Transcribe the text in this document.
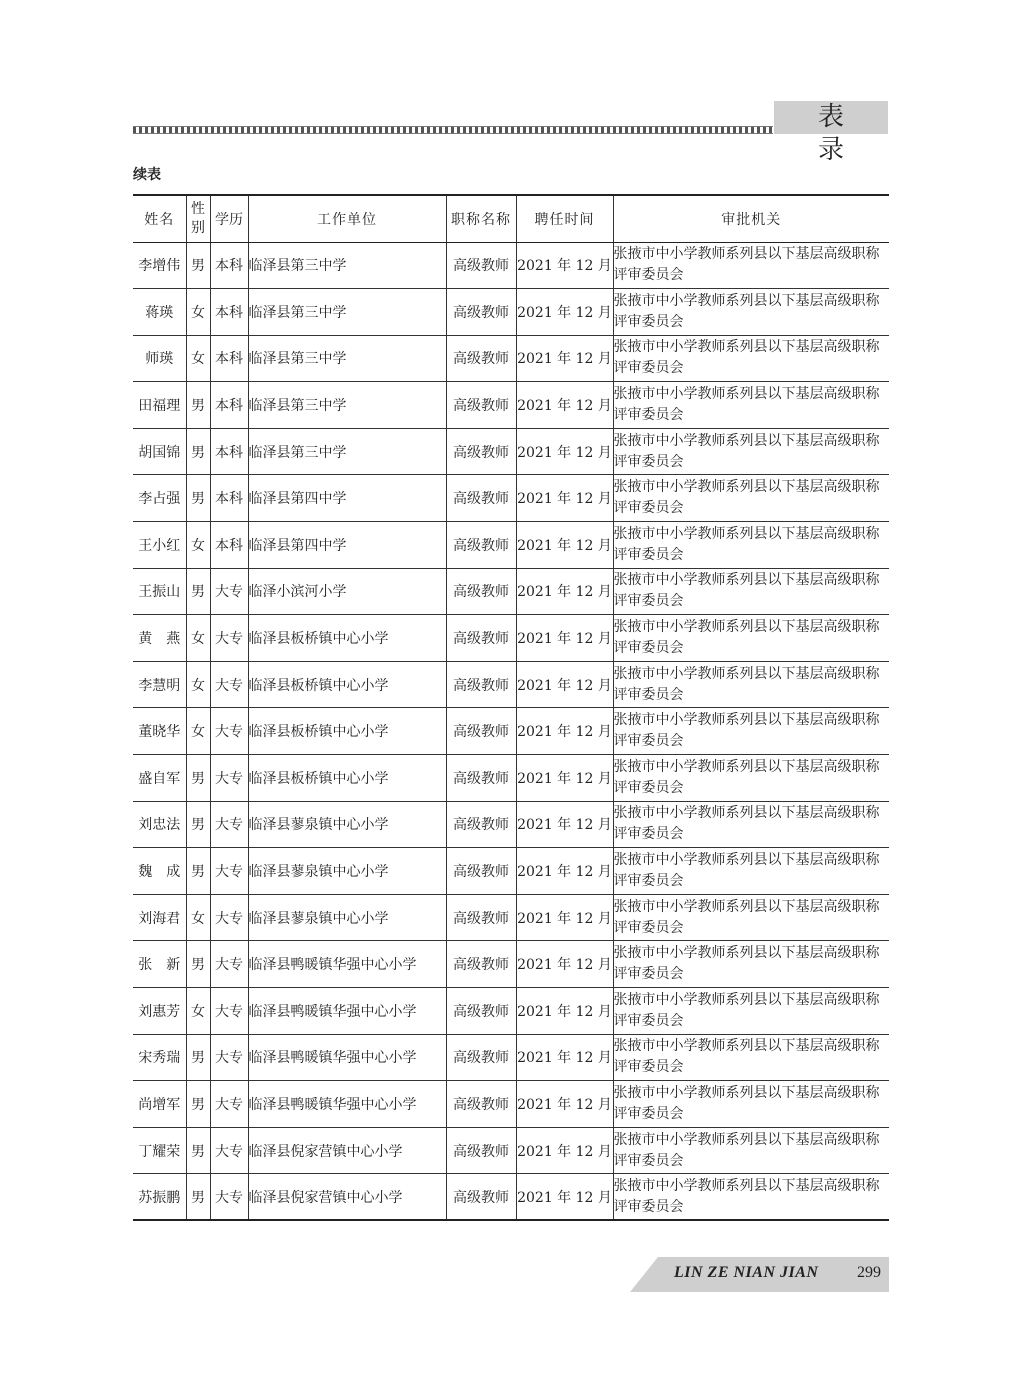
表录
续表
姓名	性别	学历	工作单位	职称名称	聘任时间	审批机关
李增伟	男	本科	临泽县第三中学	高级教师	2021 年 12 月	张掖市中小学教师系列县以下基层高级职称评审委员会
蒋瑛	女	本科	临泽县第三中学	高级教师	2021 年 12 月	张掖市中小学教师系列县以下基层高级职称评审委员会
师瑛	女	本科	临泽县第三中学	高级教师	2021 年 12 月	张掖市中小学教师系列县以下基层高级职称评审委员会
田福理	男	本科	临泽县第三中学	高级教师	2021 年 12 月	张掖市中小学教师系列县以下基层高级职称评审委员会
胡国锦	男	本科	临泽县第三中学	高级教师	2021 年 12 月	张掖市中小学教师系列县以下基层高级职称评审委员会
李占强	男	本科	临泽县第四中学	高级教师	2021 年 12 月	张掖市中小学教师系列县以下基层高级职称评审委员会
王小红	女	本科	临泽县第四中学	高级教师	2021 年 12 月	张掖市中小学教师系列县以下基层高级职称评审委员会
王振山	男	大专	临泽小滨河小学	高级教师	2021 年 12 月	张掖市中小学教师系列县以下基层高级职称评审委员会
黄　燕	女	大专	临泽县板桥镇中心小学	高级教师	2021 年 12 月	张掖市中小学教师系列县以下基层高级职称评审委员会
李慧明	女	大专	临泽县板桥镇中心小学	高级教师	2021 年 12 月	张掖市中小学教师系列县以下基层高级职称评审委员会
董晓华	女	大专	临泽县板桥镇中心小学	高级教师	2021 年 12 月	张掖市中小学教师系列县以下基层高级职称评审委员会
盛自军	男	大专	临泽县板桥镇中心小学	高级教师	2021 年 12 月	张掖市中小学教师系列县以下基层高级职称评审委员会
刘忠法	男	大专	临泽县蓼泉镇中心小学	高级教师	2021 年 12 月	张掖市中小学教师系列县以下基层高级职称评审委员会
魏　成	男	大专	临泽县蓼泉镇中心小学	高级教师	2021 年 12 月	张掖市中小学教师系列县以下基层高级职称评审委员会
刘海君	女	大专	临泽县蓼泉镇中心小学	高级教师	2021 年 12 月	张掖市中小学教师系列县以下基层高级职称评审委员会
张　新	男	大专	临泽县鸭暖镇华强中心小学	高级教师	2021 年 12 月	张掖市中小学教师系列县以下基层高级职称评审委员会
刘惠芳	女	大专	临泽县鸭暖镇华强中心小学	高级教师	2021 年 12 月	张掖市中小学教师系列县以下基层高级职称评审委员会
宋秀瑞	男	大专	临泽县鸭暖镇华强中心小学	高级教师	2021 年 12 月	张掖市中小学教师系列县以下基层高级职称评审委员会
尚增军	男	大专	临泽县鸭暖镇华强中心小学	高级教师	2021 年 12 月	张掖市中小学教师系列县以下基层高级职称评审委员会
丁耀荣	男	大专	临泽县倪家营镇中心小学	高级教师	2021 年 12 月	张掖市中小学教师系列县以下基层高级职称评审委员会
苏振鹏	男	大专	临泽县倪家营镇中心小学	高级教师	2021 年 12 月	张掖市中小学教师系列县以下基层高级职称评审委员会
LIN ZE NIAN JIAN 299
